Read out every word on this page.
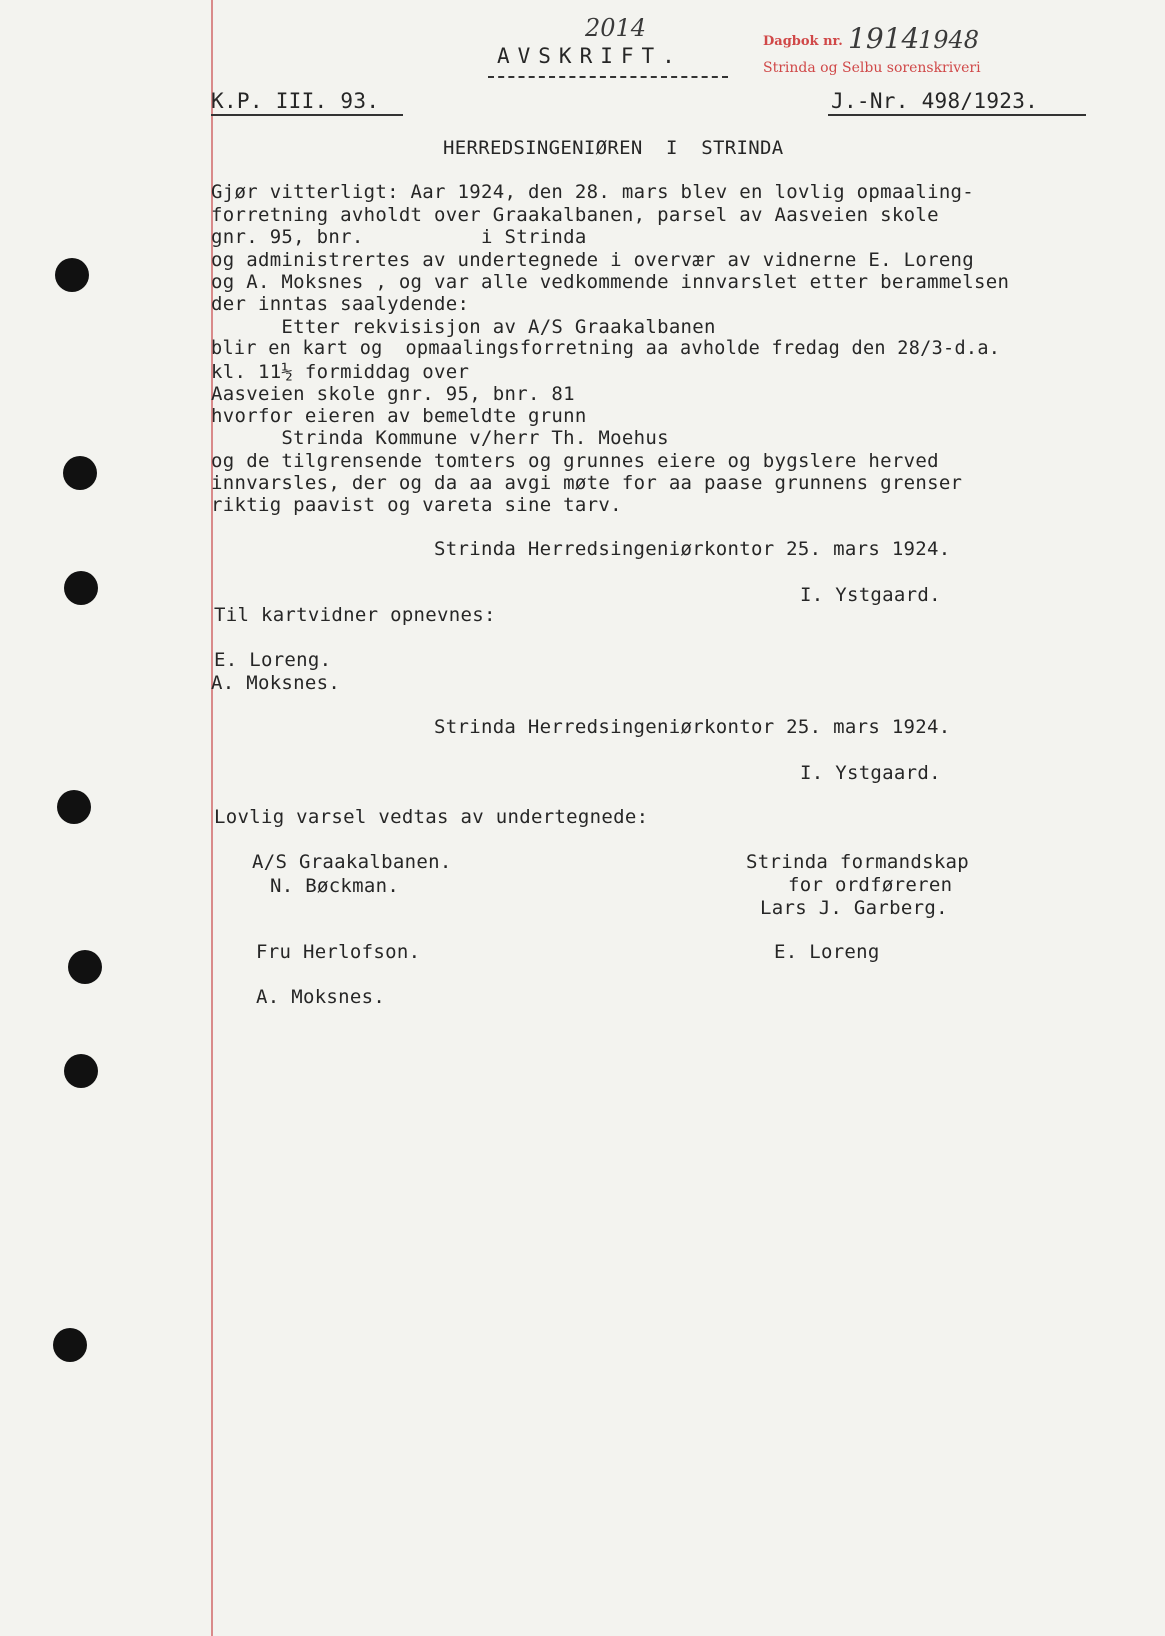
AVSKRIFT.
2014	Dagbok nr. 1914
1948
Strinda og Selbu sorenskriveri
K.P. III. 93.	J.-Nr. 498/1923.
HERREDSINGENIØREN  I  STRINDA
Gjør vitterligt: Aar 1924, den 28. mars blev en lovlig opmaaling-
forretning avholdt over Graakalbanen, parsel av Aasveien skole
gnr. 95, bnr.          i Strinda
og administrertes av undertegnede i overvær av vidnerne E. Loreng
og A. Moksnes , og var alle vedkommende innvarslet etter berammelsen
der inntas saalydende:
Etter rekvisisjon av A/S Graakalbanen
blir en kart og  opmaalingsforretning aa avholde fredag den 28/3-d.a.
kl. 11½ formiddag over
Aasveien skole gnr. 95, bnr. 81
hvorfor eieren av bemeldte grunn
Strinda Kommune v/herr Th. Moehus
og de tilgrensende tomters og grunnes eiere og bygslere herved
innvarsles, der og da aa avgi møte for aa paase grunnens grenser
riktig paavist og vareta sine tarv.
Strinda Herredsingeniørkontor 25. mars 1924.
I. Ystgaard.
Til kartvidner opnevnes:
E. Loreng.
A. Moksnes.
Strinda Herredsingeniørkontor 25. mars 1924.
I. Ystgaard.
Lovlig varsel vedtas av undertegnede:
A/S Graakalbanen.
N. Bøckman.
Strinda formandskap
for ordføreren
Lars J. Garberg.
Fru Herlofson.	E. Loreng
A. Moksnes.
